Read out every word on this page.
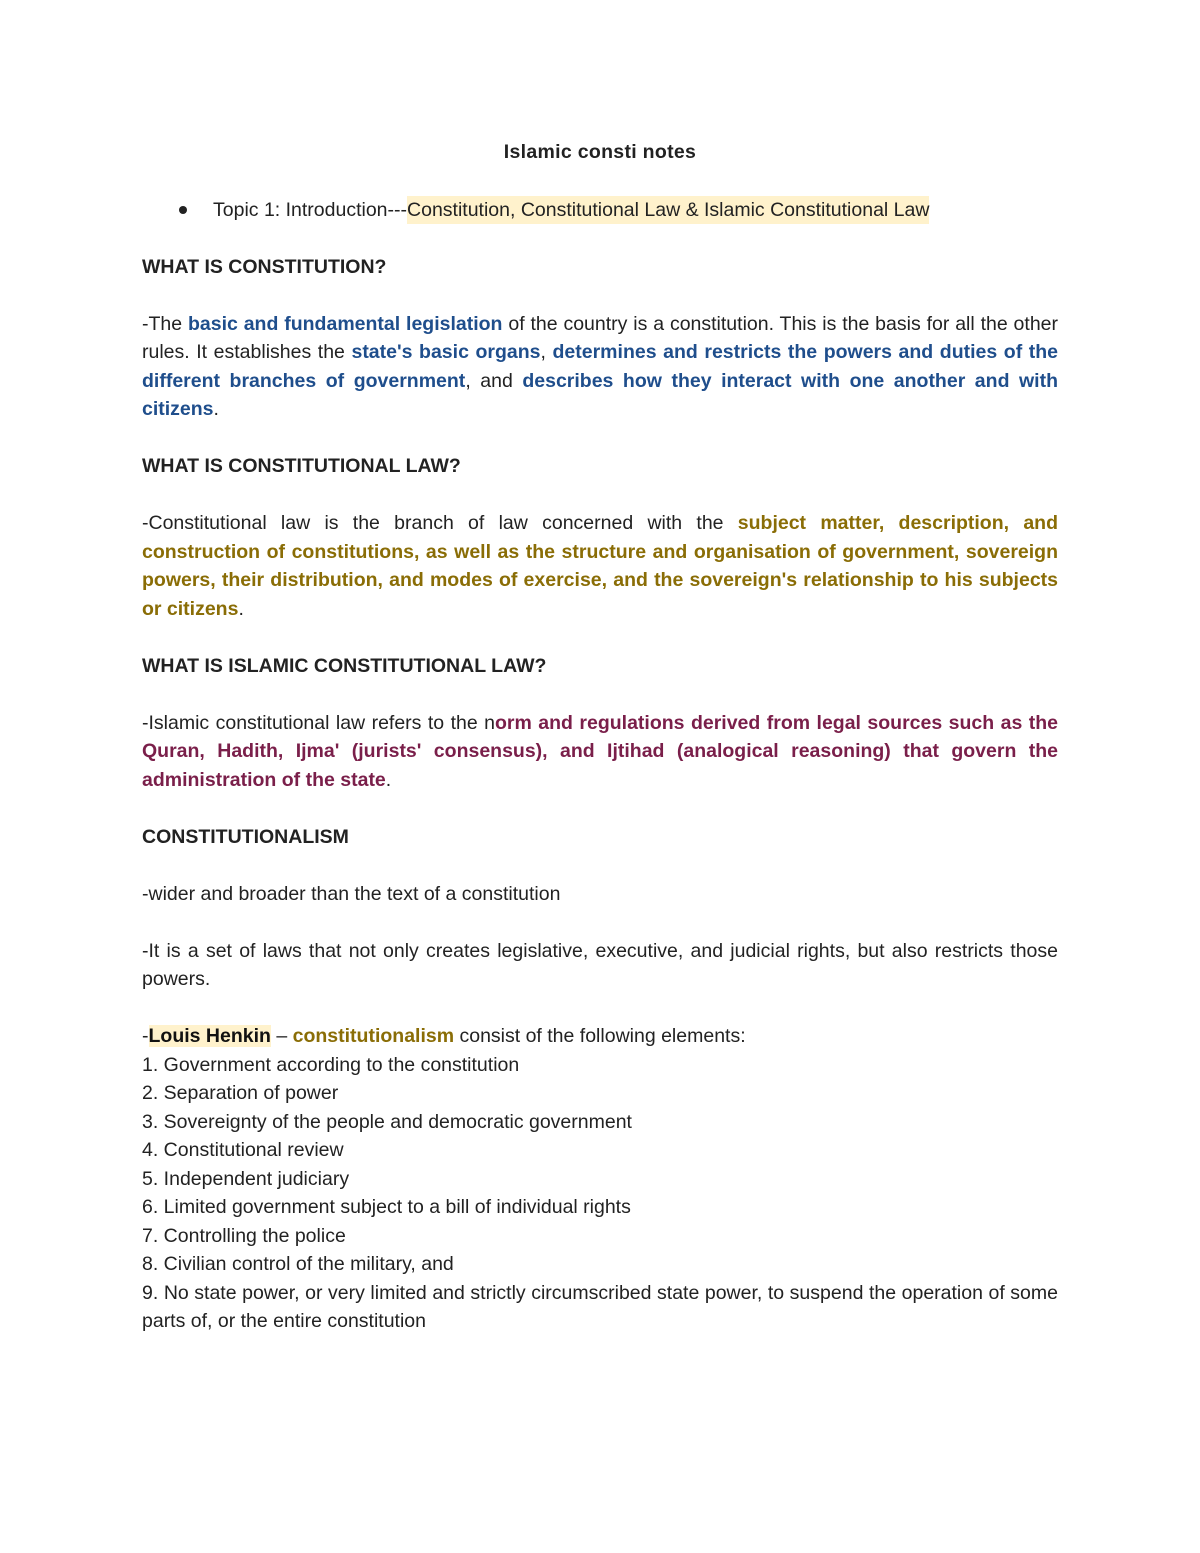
Islamic consti notes

Topic 1: Introduction--- Constitution, Constitutional Law & Islamic Constitutional Law

WHAT IS CONSTITUTION?

-The basic and fundamental legislation of the country is a constitution. This is the basis for all the other rules. It establishes the state's basic organs, determines and restricts the powers and duties of the different branches of government, and describes how they interact with one another and with citizens.

WHAT IS CONSTITUTIONAL LAW?

-Constitutional law is the branch of law concerned with the subject matter, description, and construction of constitutions, as well as the structure and organisation of government, sovereign powers, their distribution, and modes of exercise, and the sovereign's relationship to his subjects or citizens.

WHAT IS ISLAMIC CONSTITUTIONAL LAW?

-Islamic constitutional law refers to the norm and regulations derived from legal sources such as the Quran, Hadith, Ijma' (jurists' consensus), and Ijtihad (analogical reasoning) that govern the administration of the state.

CONSTITUTIONALISM

-wider and broader than the text of a constitution

-It is a set of laws that not only creates legislative, executive, and judicial rights, but also restricts those powers.

-Louis Henkin – constitutionalism consist of the following elements:

1. Government according to the constitution
2. Separation of power
3. Sovereignty of the people and democratic government
4. Constitutional review
5. Independent judiciary
6. Limited government subject to a bill of individual rights
7. Controlling the police
8. Civilian control of the military, and
9. No state power, or very limited and strictly circumscribed state power, to suspend the operation of some parts of, or the entire constitution
